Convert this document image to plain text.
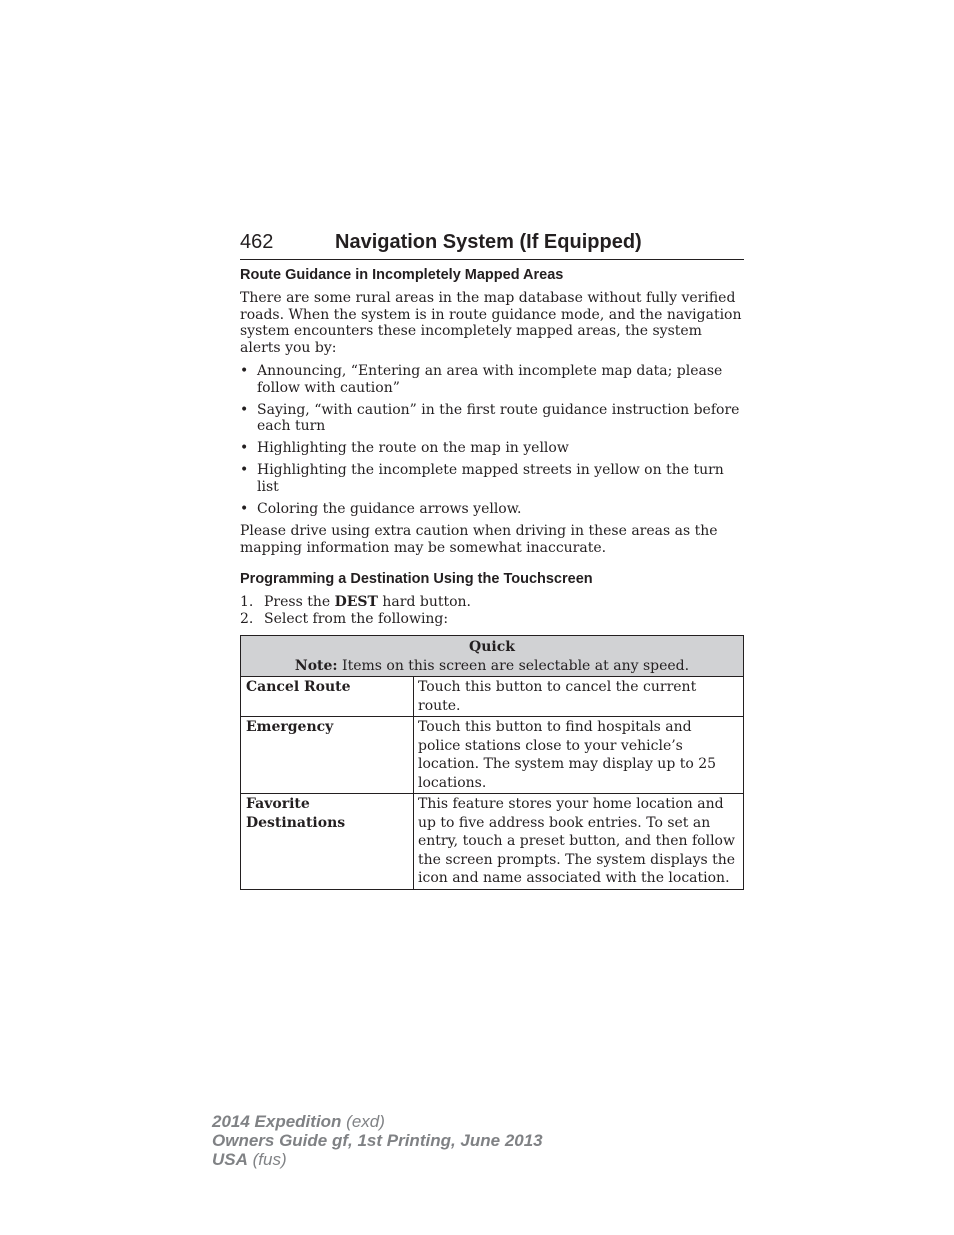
462	Navigation System (If Equipped)
Route Guidance in Incompletely Mapped Areas

There are some rural areas in the map database without fully verified roads. When the system is in route guidance mode, and the navigation system encounters these incompletely mapped areas, the system alerts you by:

• Announcing, “Entering an area with incomplete map data; please follow with caution”
• Saying, “with caution” in the first route guidance instruction before each turn
• Highlighting the route on the map in yellow
• Highlighting the incomplete mapped streets in yellow on the turn list
• Coloring the guidance arrows yellow.

Please drive using extra caution when driving in these areas as the mapping information may be somewhat inaccurate.

Programming a Destination Using the Touchscreen
1. Press the DEST hard button.
2. Select from the following:
Quick
Note: Items on this screen are selectable at any speed.	

Cancel Route	Touch this button to cancel the current route.
Emergency	Touch this button to find hospitals and police stations close to your vehicle’s location. The system may display up to 25 locations.

Favorite
Destinations	This feature stores your home location and up to five address book entries. To set an entry, touch a preset button, and then follow the screen prompts. The system displays the icon and name associated with the location.
2014 Expedition (exd)
Owners Guide gf, 1st Printing, June 2013
USA (fus)
